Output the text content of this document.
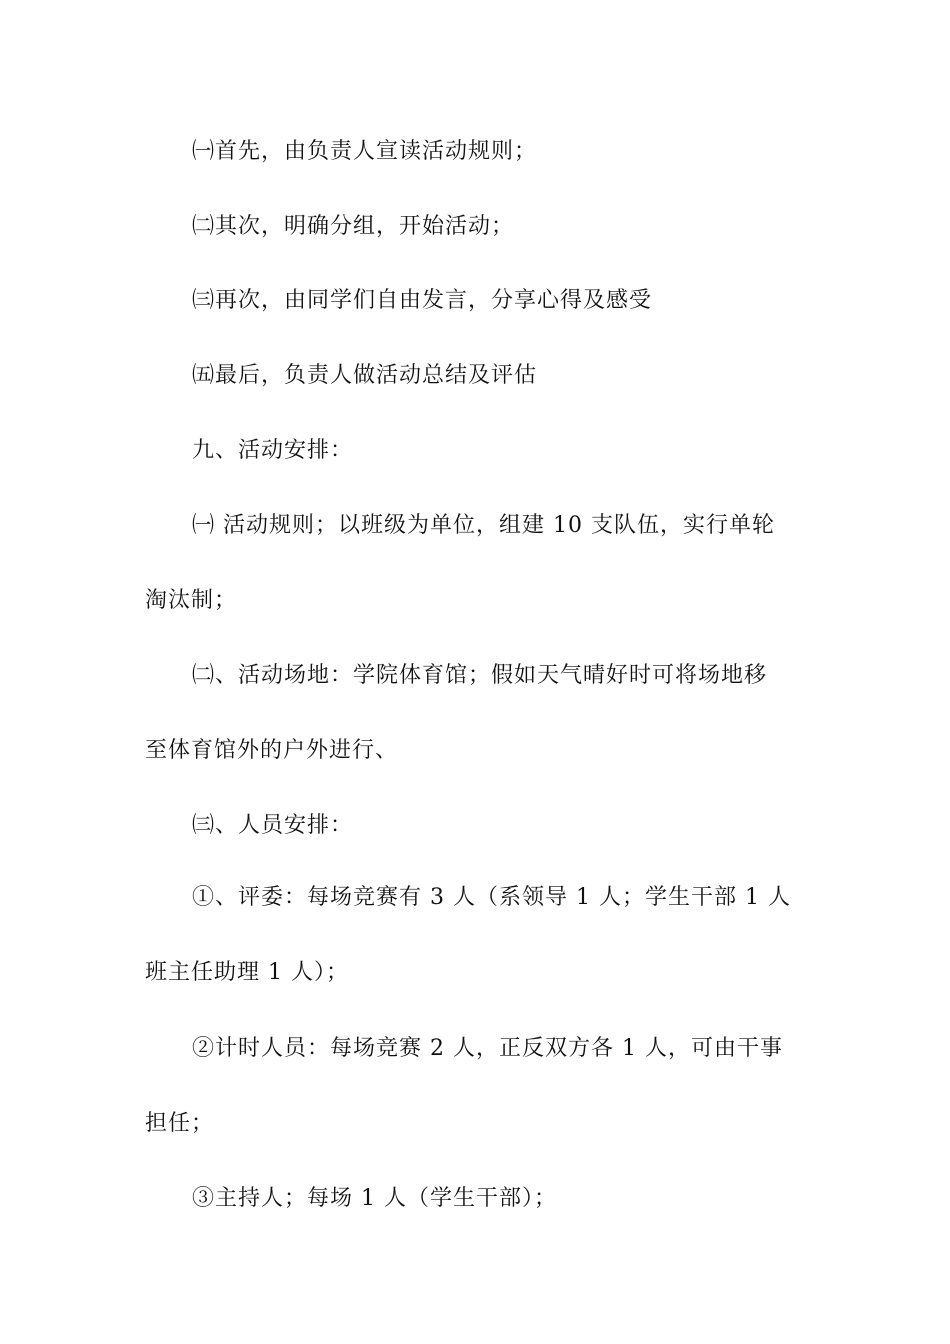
㈠首先，由负责人宣读活动规则；
㈡其次，明确分组，开始活动；
㈢再次，由同学们自由发言，分享心得及感受
㈤最后，负责人做活动总结及评估
九、活动安排：
㈠ 活动规则；以班级为单位，组建 10 支队伍，实行单轮
淘汰制；
㈡、活动场地：学院体育馆；假如天气晴好时可将场地移
至体育馆外的户外进行、
㈢、人员安排：
①、评委：每场竞赛有 3 人（系领导 1 人；学生干部 1 人
班主任助理 1 人）；
②计时人员：每场竞赛 2 人，正反双方各 1 人，可由干事
担任；
③主持人；每场 1 人（学生干部）；
